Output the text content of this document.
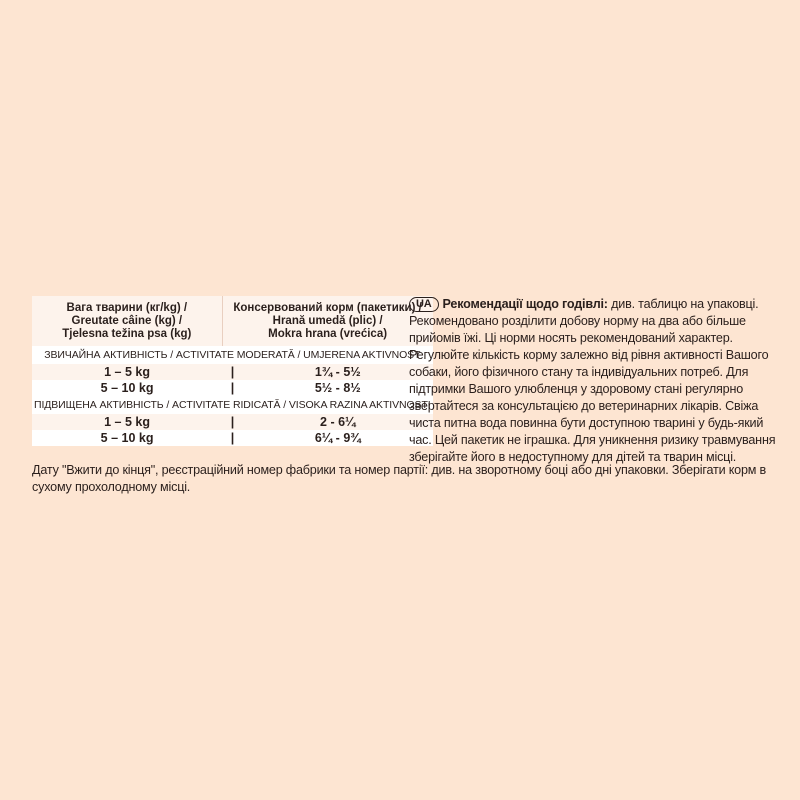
Вага тварини (кг/kg) /
Greutate câine (kg) /
Tjelesna težina psa (kg)	Консервований корм (пакетики) /
Hrană umedă (plic) /
Mokra hrana (vrećica)	
ЗВИЧАЙНА АКТИВНІСТЬ / ACTIVITATE MODERATĂ / UMJERENA AKTIVNOST		
1 – 5 kg	|	1¾ - 5½
5 – 10 kg	|	5½ - 8½
ПІДВИЩЕНА АКТИВНІСТЬ / ACTIVITATE RIDICATĂ / VISOKA RAZINA AKTIVNOSTI		
1 – 5 kg	|	2 - 6¼
5 – 10 kg	|	6¼ - 9¾
UA Рекомендації щодо годівлі: див. таблицю на упаковці. Рекомендовано розділити добову норму на два або більше прийомів їжі. Ці норми носять рекомендований характер. Регулюйте кількість корму залежно від рівня активності Вашого собаки, його фізичного стану та індивідуальних потреб. Для підтримки Вашого улюбленця у здоровому стані регулярно звертайтеся за консультацією до ветеринарних лікарів. Свіжа чиста питна вода повинна бути доступною тварині у будь-який час. Цей пакетик не іграшка. Для уникнення ризику травмування зберігайте його в недоступному для дітей та тварин місці.
Дату "Вжити до кінця", реєстраційний номер фабрики та номер партії: див. на зворотному боці або дні упаковки. Зберігати корм в сухому прохолодному місці.
